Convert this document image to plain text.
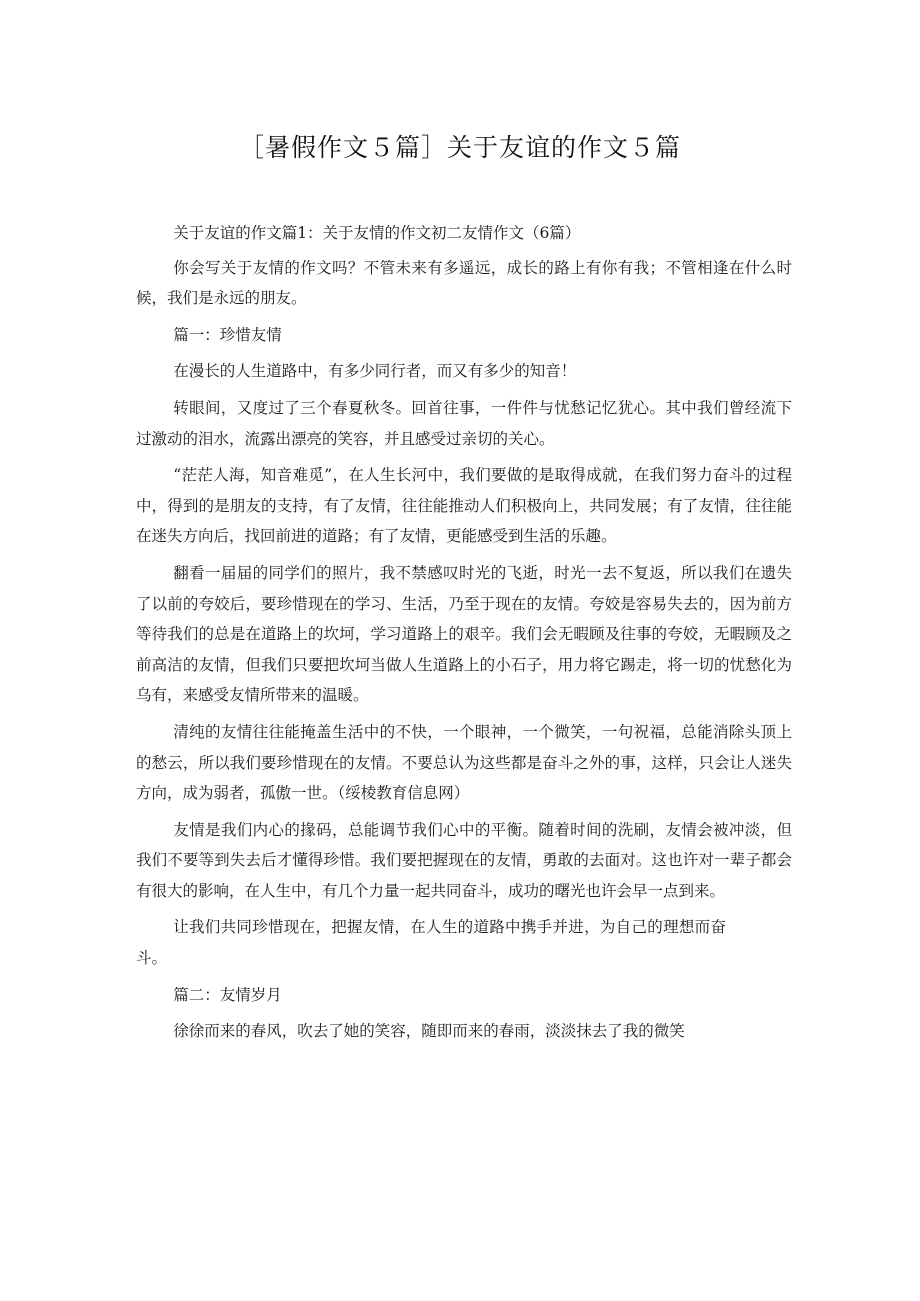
［暑假作文５篇］关于友谊的作文５篇

关于友谊的作文篇1：关于友情的作文初二友情作文（6篇）

你会写关于友情的作文吗？不管未来有多遥远，成长的路上有你有我；不管相逢在什么时候，我们是永远的朋友。

篇一：珍惜友情

在漫长的人生道路中，有多少同行者，而又有多少的知音！

转眼间，又度过了三个春夏秋冬。回首往事，一件件与忧愁记忆犹心。其中我们曾经流下过激动的泪水，流露出漂亮的笑容，并且感受过亲切的关心。

“茫茫人海，知音难觅”，在人生长河中，我们要做的是取得成就，在我们努力奋斗的过程中，得到的是朋友的支持，有了友情，往往能推动人们积极向上，共同发展；有了友情，往往能在迷失方向后，找回前进的道路；有了友情，更能感受到生活的乐趣。

翻看一届届的同学们的照片，我不禁感叹时光的飞逝，时光一去不复返，所以我们在遗失了以前的夸姣后，要珍惜现在的学习、生活，乃至于现在的友情。夸姣是容易失去的，因为前方等待我们的总是在道路上的坎坷，学习道路上的艰辛。我们会无暇顾及往事的夸姣，无暇顾及之前高洁的友情，但我们只要把坎坷当做人生道路上的小石子，用力将它踢走，将一切的忧愁化为乌有，来感受友情所带来的温暖。

清纯的友情往往能掩盖生活中的不快，一个眼神，一个微笑，一句祝福，总能消除头顶上的愁云，所以我们要珍惜现在的友情。不要总认为这些都是奋斗之外的事，这样，只会让人迷失方向，成为弱者，孤傲一世。（绥棱教育信息网）

友情是我们内心的掾码，总能调节我们心中的平衡。随着时间的洗刷，友情会被冲淡，但我们不要等到失去后才懂得珍惜。我们要把握现在的友情，勇敢的去面对。这也许对一辈子都会有很大的影响，在人生中，有几个力量一起共同奋斗，成功的曙光也许会早一点到来。

让我们共同珍惜现在，把握友情，在人生的道路中携手并进，为自己的理想而奋斗。

篇二：友情岁月

徐徐而来的春风，吹去了她的笑容，随即而来的春雨，淡淡抹去了我的微笑
